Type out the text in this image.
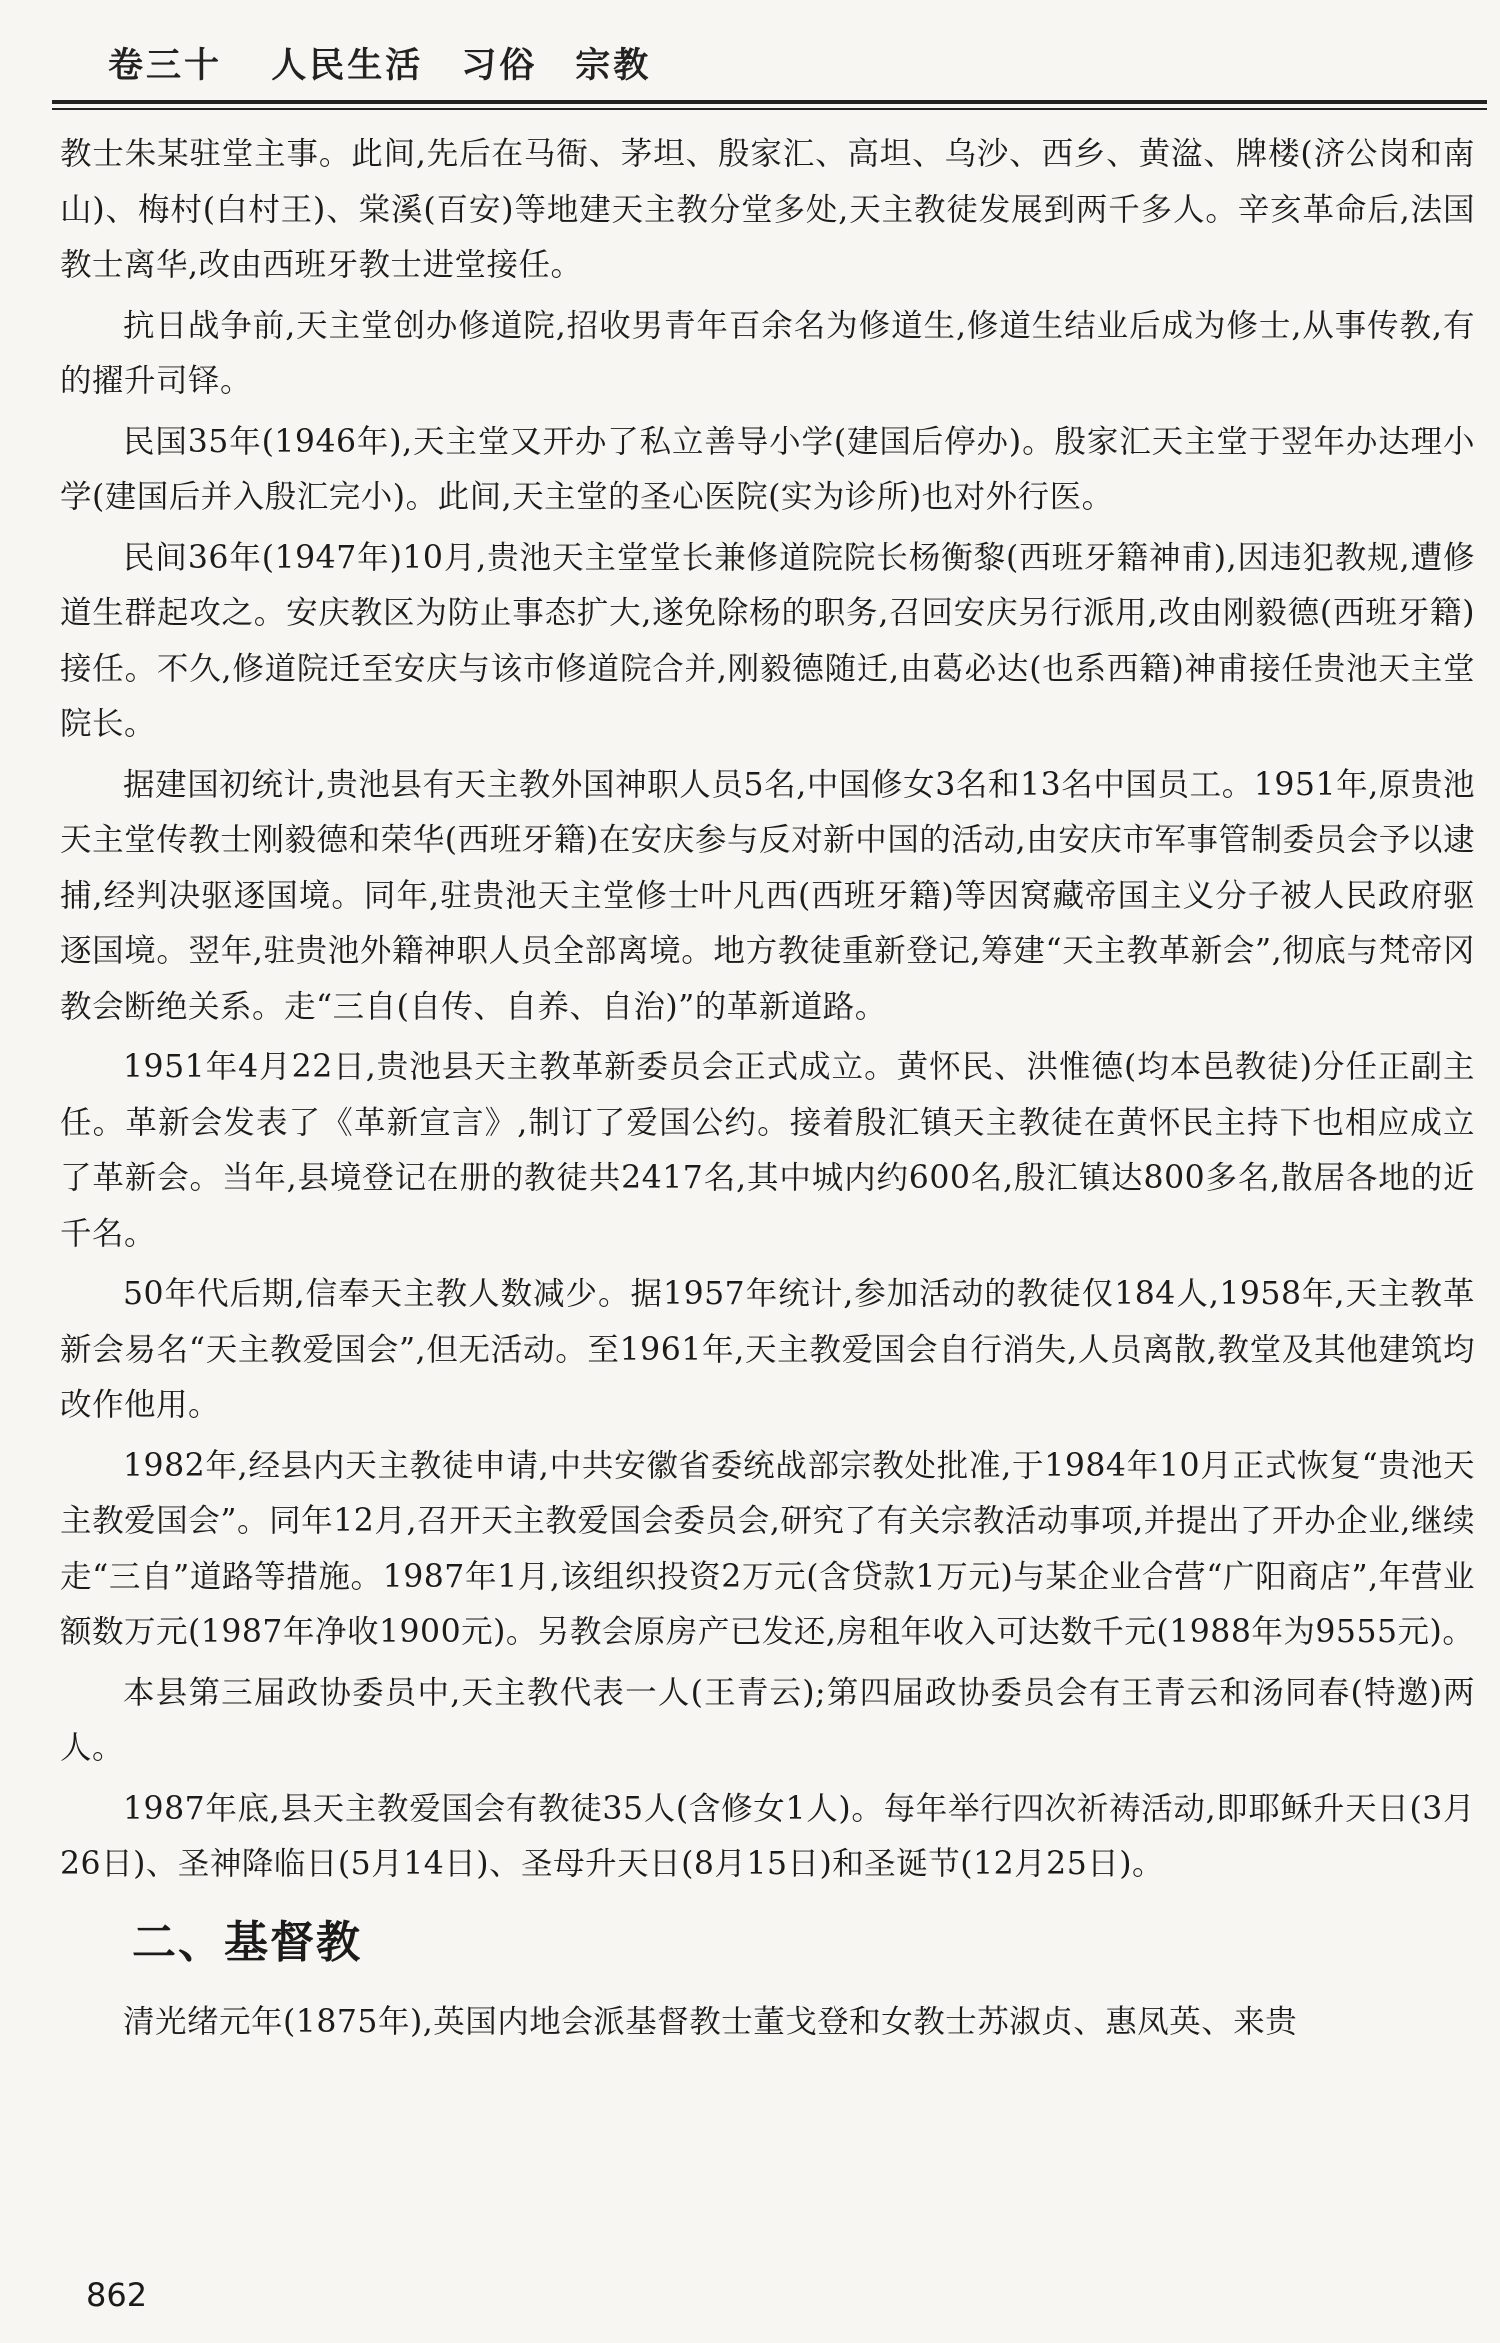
卷三十 人民生活　习俗　宗教

教士朱某驻堂主事。此间,先后在马衙、茅坦、殷家汇、高坦、乌沙、西乡、黄湓、牌楼(济公岗和南山)、梅村(白村王)、棠溪(百安)等地建天主教分堂多处,天主教徒发展到两千多人。辛亥革命后,法国教士离华,改由西班牙教士进堂接任。

抗日战争前,天主堂创办修道院,招收男青年百余名为修道生,修道生结业后成为修士,从事传教,有的擢升司铎。

民国35年(1946年),天主堂又开办了私立善导小学(建国后停办)。殷家汇天主堂于翌年办达理小学(建国后并入殷汇完小)。此间,天主堂的圣心医院(实为诊所)也对外行医。

民间36年(1947年)10月,贵池天主堂堂长兼修道院院长杨衡黎(西班牙籍神甫),因违犯教规,遭修道生群起攻之。安庆教区为防止事态扩大,遂免除杨的职务,召回安庆另行派用,改由刚毅德(西班牙籍)接任。不久,修道院迁至安庆与该市修道院合并,刚毅德随迁,由葛必达(也系西籍)神甫接任贵池天主堂院长。

据建国初统计,贵池县有天主教外国神职人员5名,中国修女3名和13名中国员工。1951年,原贵池天主堂传教士刚毅德和荣华(西班牙籍)在安庆参与反对新中国的活动,由安庆市军事管制委员会予以逮捕,经判决驱逐国境。同年,驻贵池天主堂修士叶凡西(西班牙籍)等因窝藏帝国主义分子被人民政府驱逐国境。翌年,驻贵池外籍神职人员全部离境。地方教徒重新登记,筹建“天主教革新会”,彻底与梵帝冈教会断绝关系。走“三自(自传、自养、自治)”的革新道路。

1951年4月22日,贵池县天主教革新委员会正式成立。黄怀民、洪惟德(均本邑教徒)分任正副主任。革新会发表了《革新宣言》,制订了爱国公约。接着殷汇镇天主教徒在黄怀民主持下也相应成立了革新会。当年,县境登记在册的教徒共2417名,其中城内约600名,殷汇镇达800多名,散居各地的近千名。

50年代后期,信奉天主教人数减少。据1957年统计,参加活动的教徒仅184人,1958年,天主教革新会易名“天主教爱国会”,但无活动。至1961年,天主教爱国会自行消失,人员离散,教堂及其他建筑均改作他用。

1982年,经县内天主教徒申请,中共安徽省委统战部宗教处批准,于1984年10月正式恢复“贵池天主教爱国会”。同年12月,召开天主教爱国会委员会,研究了有关宗教活动事项,并提出了开办企业,继续走“三自”道路等措施。1987年1月,该组织投资2万元(含贷款1万元)与某企业合营“广阳商店”,年营业额数万元(1987年净收1900元)。另教会原房产已发还,房租年收入可达数千元(1988年为9555元)。

本县第三届政协委员中,天主教代表一人(王青云);第四届政协委员会有王青云和汤同春(特邀)两人。

1987年底,县天主教爱国会有教徒35人(含修女1人)。每年举行四次祈祷活动,即耶稣升天日(3月26日)、圣神降临日(5月14日)、圣母升天日(8月15日)和圣诞节(12月25日)。

二、基督教

清光绪元年(1875年),英国内地会派基督教士董戈登和女教士苏淑贞、惠凤英、来贵

862
